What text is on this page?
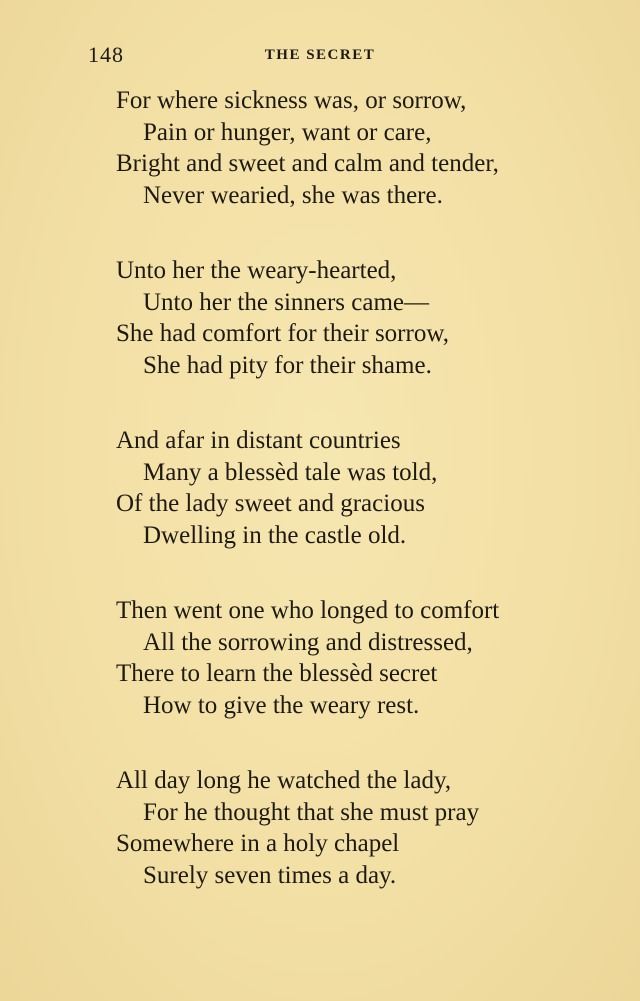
148	THE SECRET
For where sickness was, or sorrow,
Pain or hunger, want or care,
Bright and sweet and calm and tender,
Never wearied, she was there.
Unto her the weary-hearted,
Unto her the sinners came—
She had comfort for their sorrow,
She had pity for their shame.
And afar in distant countries
Many a blessèd tale was told,
Of the lady sweet and gracious
Dwelling in the castle old.
Then went one who longed to comfort
All the sorrowing and distressed,
There to learn the blessèd secret
How to give the weary rest.
All day long he watched the lady,
For he thought that she must pray
Somewhere in a holy chapel
Surely seven times a day.
